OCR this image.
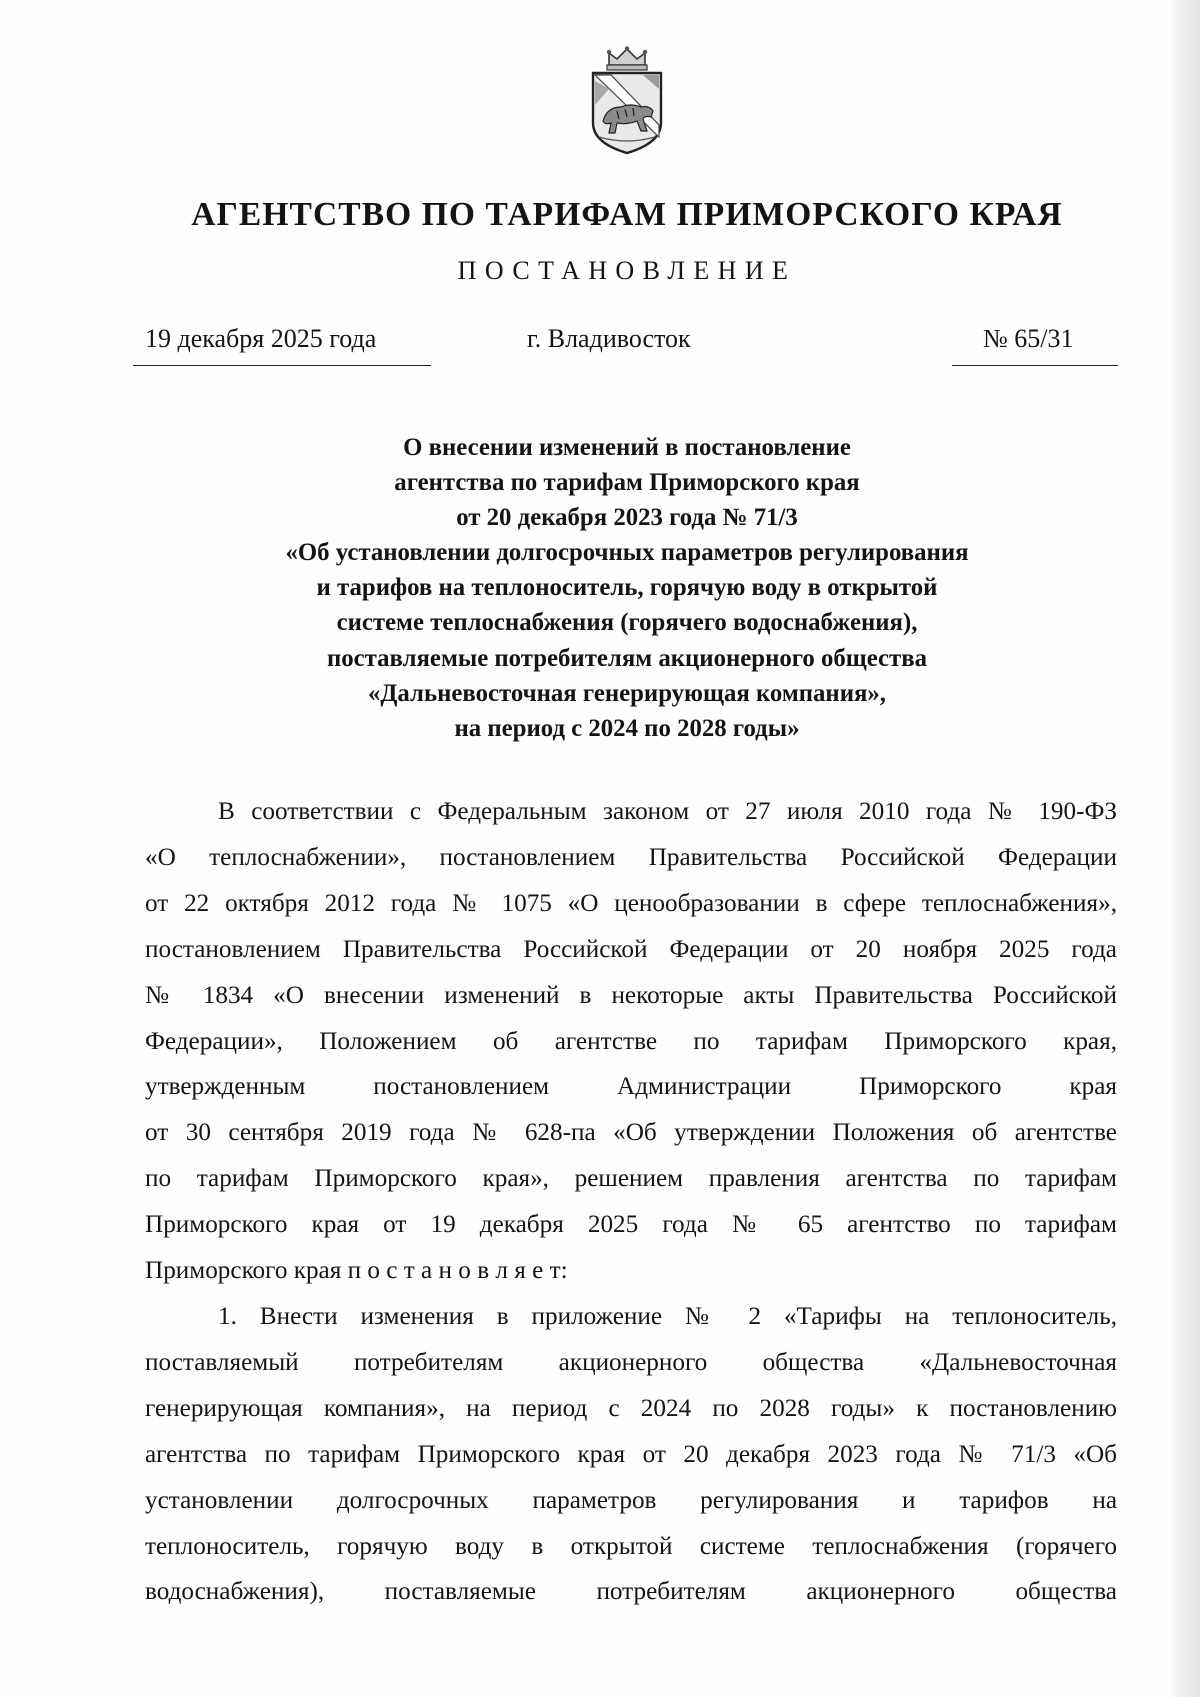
АГЕНТСТВО ПО ТАРИФАМ ПРИМОРСКОГО КРАЯ
ПОСТАНОВЛЕНИЕ
19 декабря 2025 года	г. Владивосток	№ 65/31
О внесении изменений в постановление
агентства по тарифам Приморского края
от 20 декабря 2023 года № 71/3
«Об установлении долгосрочных параметров регулирования
и тарифов на теплоноситель, горячую воду в открытой
системе теплоснабжения (горячего водоснабжения),
поставляемые потребителям акционерного общества
«Дальневосточная генерирующая компания»,
на период с 2024 по 2028 годы»
В соответствии с Федеральным законом от 27 июля 2010 года № 190-ФЗ
«О теплоснабжении», постановлением Правительства Российской Федерации
от 22 октября 2012 года № 1075 «О ценообразовании в сфере теплоснабжения»,
постановлением Правительства Российской Федерации от 20 ноября 2025 года
№ 1834 «О внесении изменений в некоторые акты Правительства Российской
Федерации», Положением об агентстве по тарифам Приморского края,
утвержденным постановлением Администрации Приморского края
от 30 сентября 2019 года № 628-па «Об утверждении Положения об агентстве
по тарифам Приморского края», решением правления агентства по тарифам
Приморского края от 19 декабря 2025 года № 65 агентство по тарифам
Приморского края п о с т а н о в л я е т:
1. Внести изменения в приложение № 2 «Тарифы на теплоноситель,
поставляемый потребителям акционерного общества «Дальневосточная
генерирующая компания», на период с 2024 по 2028 годы» к постановлению
агентства по тарифам Приморского края от 20 декабря 2023 года № 71/3 «Об
установлении долгосрочных параметров регулирования и тарифов на
теплоноситель, горячую воду в открытой системе теплоснабжения (горячего
водоснабжения), поставляемые потребителям акционерного общества
